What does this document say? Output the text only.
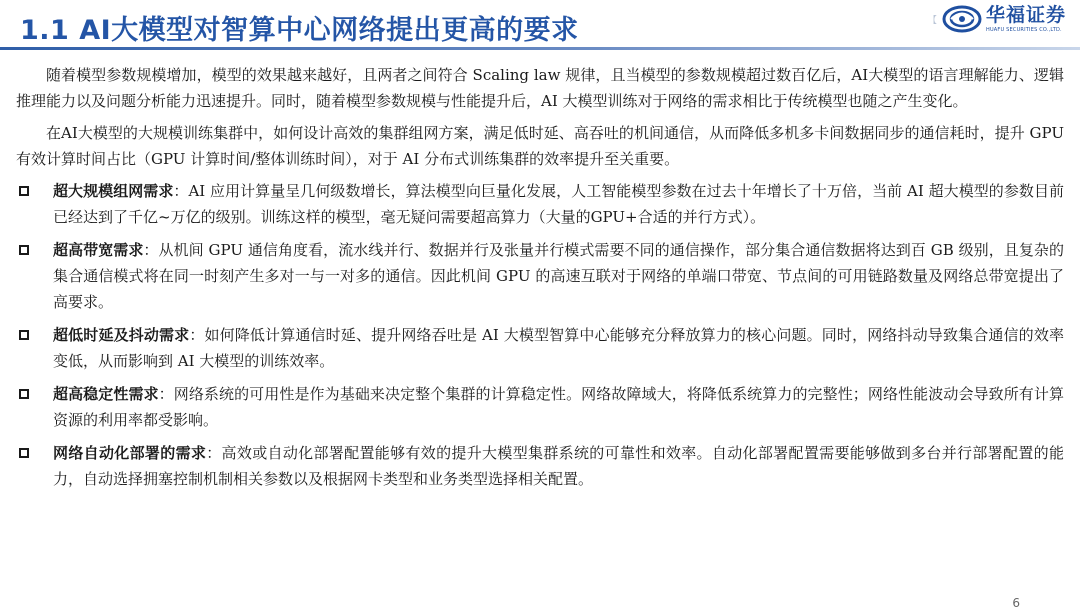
1.1 AI大模型对智算中心网络提出更高的要求	【	华福证券
HUAFU SECURITIES CO.,LTD.

随着模型参数规模增加，模型的效果越来越好，且两者之间符合 Scaling law 规律，且当模型的参数规模超过数百亿后，AI大模型的语言理解能力、逻辑推理能力以及问题分析能力迅速提升。同时，随着模型参数规模与性能提升后，AI 大模型训练对于网络的需求相比于传统模型也随之产生变化。

在AI大模型的大规模训练集群中，如何设计高效的集群组网方案，满足低时延、高吞吐的机间通信，从而降低多机多卡间数据同步的通信耗时，提升 GPU 有效计算时间占比（GPU 计算时间/整体训练时间），对于 AI 分布式训练集群的效率提升至关重要。

超大规模组网需求：AI 应用计算量呈几何级数增长，算法模型向巨量化发展，人工智能模型参数在过去十年增长了十万倍，当前 AI 超大模型的参数目前已经达到了千亿~万亿的级别。训练这样的模型，毫无疑问需要超高算力（大量的GPU+合适的并行方式）。
超高带宽需求：从机间 GPU 通信角度看，流水线并行、数据并行及张量并行模式需要不同的通信操作，部分集合通信数据将达到百 GB 级别，且复杂的集合通信模式将在同一时刻产生多对一与一对多的通信。因此机间 GPU 的高速互联对于网络的单端口带宽、节点间的可用链路数量及网络总带宽提出了高要求。
超低时延及抖动需求：如何降低计算通信时延、提升网络吞吐是 AI 大模型智算中心能够充分释放算力的核心问题。同时，网络抖动导致集合通信的效率变低，从而影响到 AI 大模型的训练效率。
超高稳定性需求：网络系统的可用性是作为基础来决定整个集群的计算稳定性。网络故障域大，将降低系统算力的完整性；网络性能波动会导致所有计算资源的利用率都受影响。
网络自动化部署的需求：高效或自动化部署配置能够有效的提升大模型集群系统的可靠性和效率。自动化部署配置需要能够做到多台并行部署配置的能力，自动选择拥塞控制机制相关参数以及根据网卡类型和业务类型选择相关配置。
6
